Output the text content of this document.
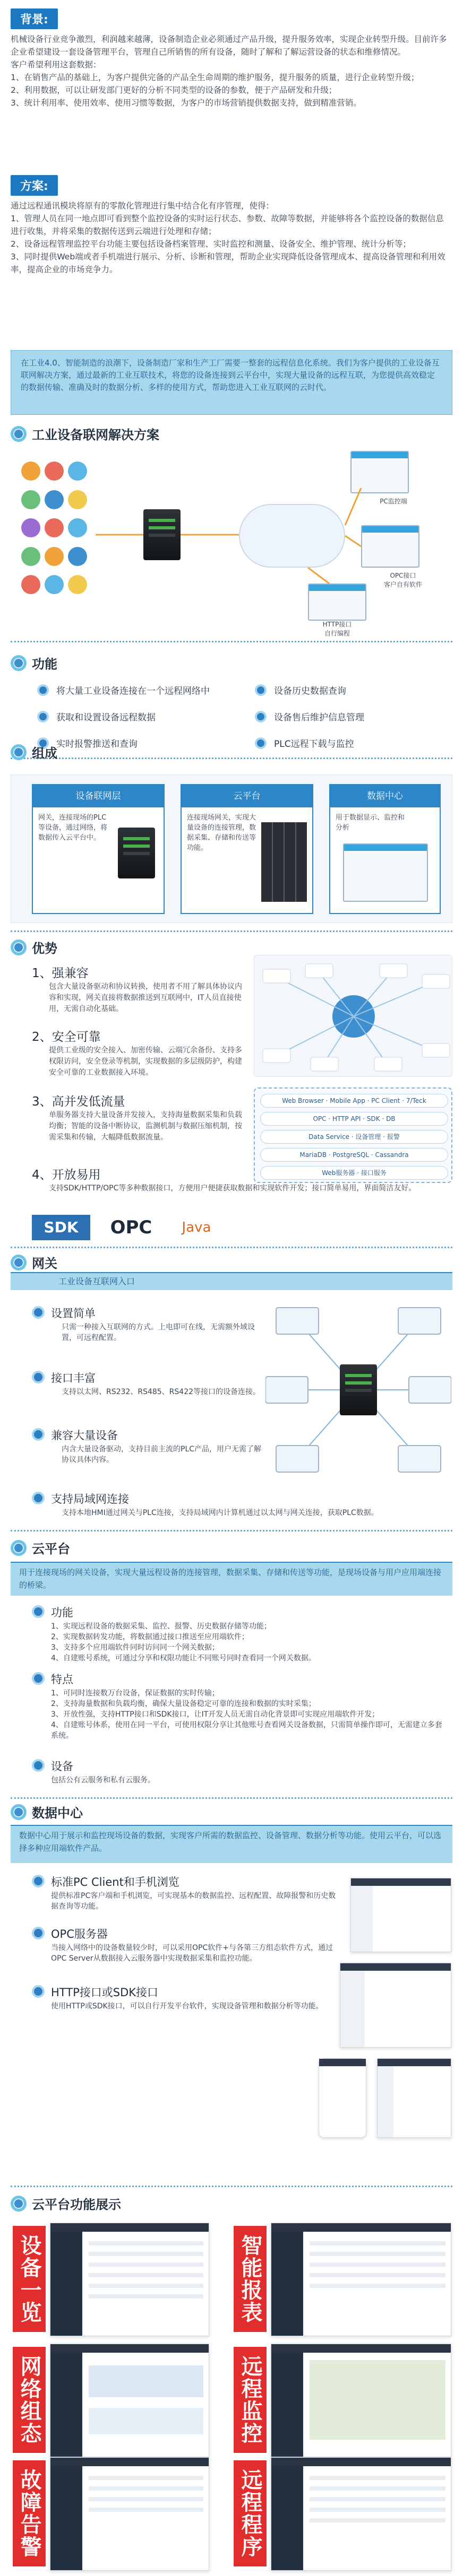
背景:

机械设备行业竞争激烈，利润越来越薄，设备制造企业必须通过产品升级，提升服务效率，实现企业转型升级。目前许多企业希望建设一套设备管理平台，管理自己所销售的所有设备，随时了解和了解运营设备的状态和维修情况。

客户希望利用这套数据：

1、在销售产品的基础上，为客户提供完备的产品全生命周期的维护服务，提升服务的质量，进行企业转型升级；

2、利用数据，可以让研发部门更好的分析不同类型的设备的参数，便于产品研发和升级；

3、统计利用率、使用效率、使用习惯等数据，为客户的市场营销提供数据支持，做到精准营销。

方案:

通过远程通讯模块将原有的零散化管理进行集中结合化有序管理，使得：

1、管理人员在同一地点即可看到整个监控设备的实时运行状态、参数、故障等数据，并能够将各个监控设备的数据信息进行收集，并将采集的数据传送到云端进行处理和存储；

2、设备远程管理监控平台功能主要包括设备档案管理、实时监控和测量、设备安全、维护管理、统计分析等；

3、同时提供Web端或者手机端进行展示、分析、诊断和管理，帮助企业实现降低设备管理成本、提高设备管理和利用效率，提高企业的市场竞争力。

在工业4.0、智能制造的浪潮下，设备制造厂家和生产工厂需要一整套的远程信息化系统。我们为客户提供的工业设备互联网解决方案，通过最新的工业互联技术，将您的设备连接到云平台中，实现大量设备的远程互联，为您提供高效稳定的数据传输、准确及时的数据分析、多样的使用方式，帮助您进入工业互联网的云时代。
工业设备联网解决方案
PC监控端
OPC接口
客户自有软件
HTTP接口
自行编程
功能
将大量工业设备连接在一个远程网络中	设备历史数据查询
获取和设置设备远程数据	设备售后维护信息管理
实时报警推送和查询	PLC远程下载与监控
组成
设备联网层
网关，连接现场的PLC等设备，通过网络，将数据传入云平台中。
云平台
连接现场网关，实现大量设备的连接管理，数据采集、存储和传送等功能。
数据中心
用于数据显示、监控和分析
优势
1、强兼容
包含大量设备驱动和协议转换，使用者不用了解具体协议内容和实现，网关直接将数据推送到互联网中，IT人员直接使用，无需自动化基础。
2、安全可靠
提供工业级的安全接入、加密传输、云端冗余备份、支持多权限访问，安全登录等机制，实现数据的多层级防护，构建安全可靠的工业数据接入环境。
3、高并发低流量
单服务器支持大量设备并发接入，支持海量数据采集和负载均衡；智能的设备中断协议，监测机制与数据压缩机制，按需采集和传输，大幅降低数据流量。
4、开放易用
支持SDK/HTTP/OPC等多种数据接口，方便用户便捷获取数据和实现软件开发；接口简单易用，界面简洁友好。
Web Browser · Mobile App · PC Client · 7/Teck
OPC · HTTP API · SDK · DB
Data Service · 设备管理 · 报警
MariaDB · PostgreSQL · Cassandra
Web服务器 · 接口服务
SDK	OPC	Java
网关
工业设备互联网入口
设置简单
只需一种接入互联网的方式。上电即可在线，无需额外域设置，可远程配置。
接口丰富
支持以太网、RS232、RS485、RS422等接口的设备连接。
兼容大量设备
内含大量设备驱动，支持目前主流的PLC产品，用户无需了解协议具体内容。
支持局域网连接
支持本地HMI通过网关与PLC连接，支持局域网内计算机通过以太网与网关连接，获取PLC数据。
云平台
用于连接现场的网关设备，实现大量远程设备的连接管理，数据采集、存储和传送等功能，是现场设备与用户应用端连接的桥梁。
功能
1、实现远程设备的数据采集、监控、报警、历史数据存储等功能；
2、实现数据转发功能，将数据通过接口推送至应用端软件；
3、支持多个应用端软件同时访问同一个网关数据；
4、自建账号系统，可通过分享和权限功能让不同账号同时查看同一个网关数据。
特点
1、可同时连接数万台设备，保证数据的实时传输；
2、支持海量数据和负载均衡，确保大量设备稳定可靠的连接和数据的实时采集；
3、开放性强，支持HTTP接口和SDK接口，让IT开发人员无需自动化背景即可实现应用端软件开发；
4、自建账号体系，使用在同一平台，可使用权限分享让其他账号查看网关设备数据，只需简单操作即可，无需建立多套系统。
设备
包括公有云服务和私有云服务。
数据中心
数据中心用于展示和监控现场设备的数据，实现客户所需的数据监控、设备管理、数据分析等功能。使用云平台，可以选择多种应用端软件产品。
标准PC Client和手机浏览
提供标准PC客户端和手机浏览，可实现基本的数据监控、远程配置、故障报警和历史数据查询等功能。
OPC服务器
当接入网络中的设备数量较少时，可以采用OPC软件+与各第三方组态软件方式，通过OPC Server从数据接入云服务器中实现数据采集和监控功能。
HTTP接口或SDK接口
使用HTTP或SDK接口，可以自行开发平台软件，实现设备管理和数据分析等功能。
云平台功能展示
设备一览	智能报表
网络组态	远程监控
故障告警	远程程序
